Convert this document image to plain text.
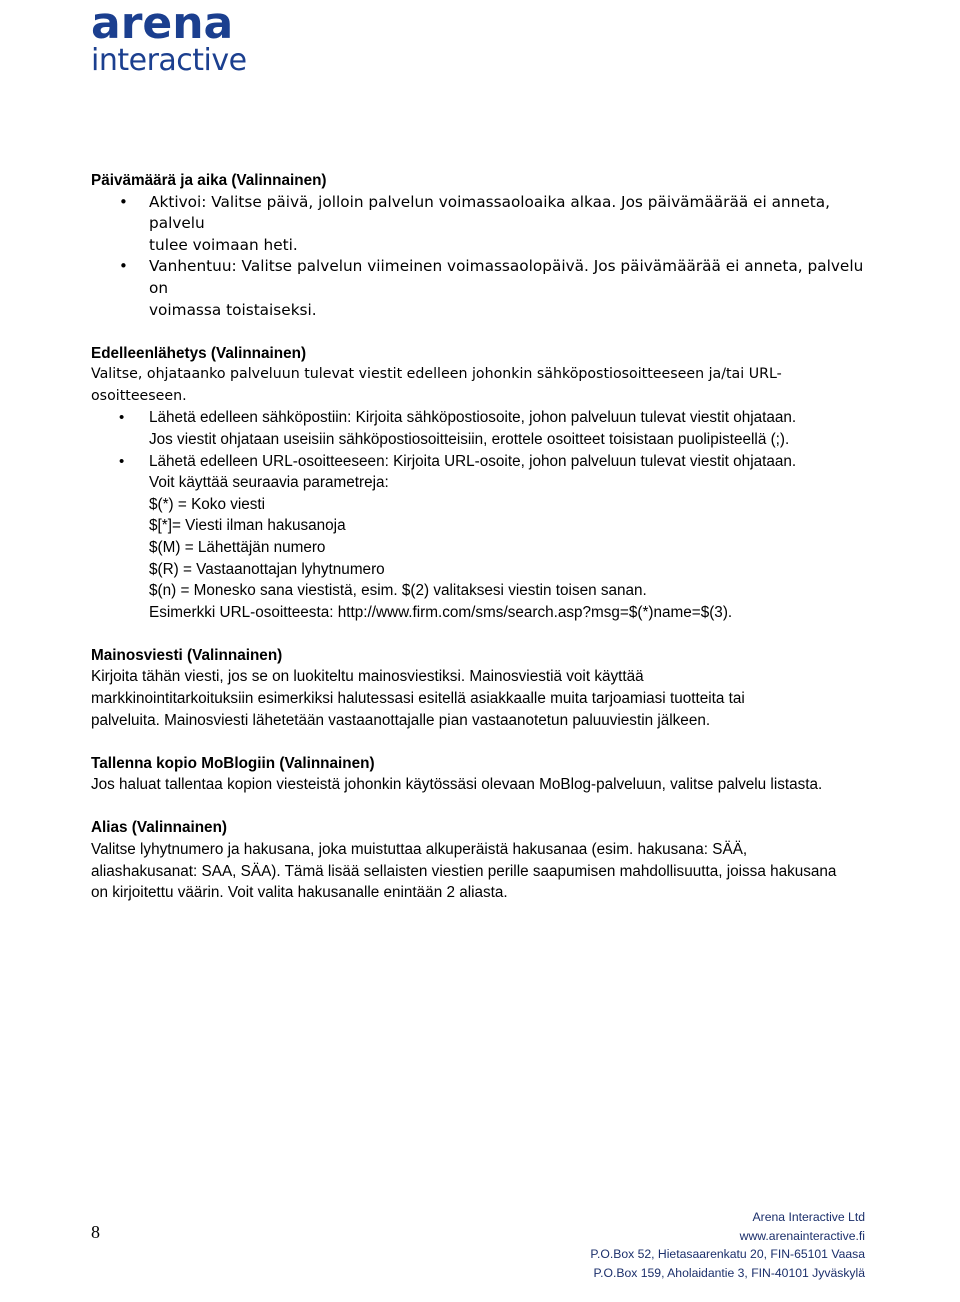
arena
interactive

Päivämäärä ja aika (Valinnainen)

• Aktivoi: Valitse päivä, jolloin palvelun voimassaoloaika alkaa. Jos päivämäärää ei anneta, palvelu
tulee voimaan heti.
• Vanhentuu: Valitse palvelun viimeinen voimassaolopäivä. Jos päivämäärää ei anneta, palvelu on
voimassa toistaiseksi.

Edelleenlähetys (Valinnainen)

Valitse, ohjataanko palveluun tulevat viestit edelleen johonkin sähköpostiosoitteeseen ja/tai URL-
osoitteeseen.

• Lähetä edelleen sähköpostiin: Kirjoita sähköpostiosoite, johon palveluun tulevat viestit ohjataan.
Jos viestit ohjataan useisiin sähköpostiosoitteisiin, erottele osoitteet toisistaan puolipisteellä (;).
• Lähetä edelleen URL-osoitteeseen: Kirjoita URL-osoite, johon palveluun tulevat viestit ohjataan.
Voit käyttää seuraavia parametreja:
$(*) = Koko viesti
$[*]= Viesti ilman hakusanoja
$(M) = Lähettäjän numero
$(R) = Vastaanottajan lyhytnumero
$(n) = Monesko sana viestistä, esim. $(2) valitaksesi viestin toisen sanan.
Esimerkki URL-osoitteesta: http://www.firm.com/sms/search.asp?msg=$(*)name=$(3).

Mainosviesti (Valinnainen)

Kirjoita tähän viesti, jos se on luokiteltu mainosviestiksi. Mainosviestiä voit käyttää
markkinointitarkoituksiin esimerkiksi halutessasi esitellä asiakkaalle muita tarjoamiasi tuotteita tai
palveluita. Mainosviesti lähetetään vastaanottajalle pian vastaanotetun paluuviestin jälkeen.

Tallenna kopio MoBlogiin (Valinnainen)

Jos haluat tallentaa kopion viesteistä johonkin käytössäsi olevaan MoBlog-palveluun, valitse palvelu listasta.

Alias (Valinnainen)

Valitse lyhytnumero ja hakusana, joka muistuttaa alkuperäistä hakusanaa (esim. hakusana: SÄÄ,
aliashakusanat: SAA, SÄA). Tämä lisää sellaisten viestien perille saapumisen mahdollisuutta, joissa hakusana
on kirjoitettu väärin. Voit valita hakusanalle enintään 2 aliasta.

8
Arena Interactive Ltd
www.arenainteractive.fi
P.O.Box 52, Hietasaarenkatu 20, FIN-65101 Vaasa
P.O.Box 159, Aholaidantie 3, FIN-40101 Jyväskylä
